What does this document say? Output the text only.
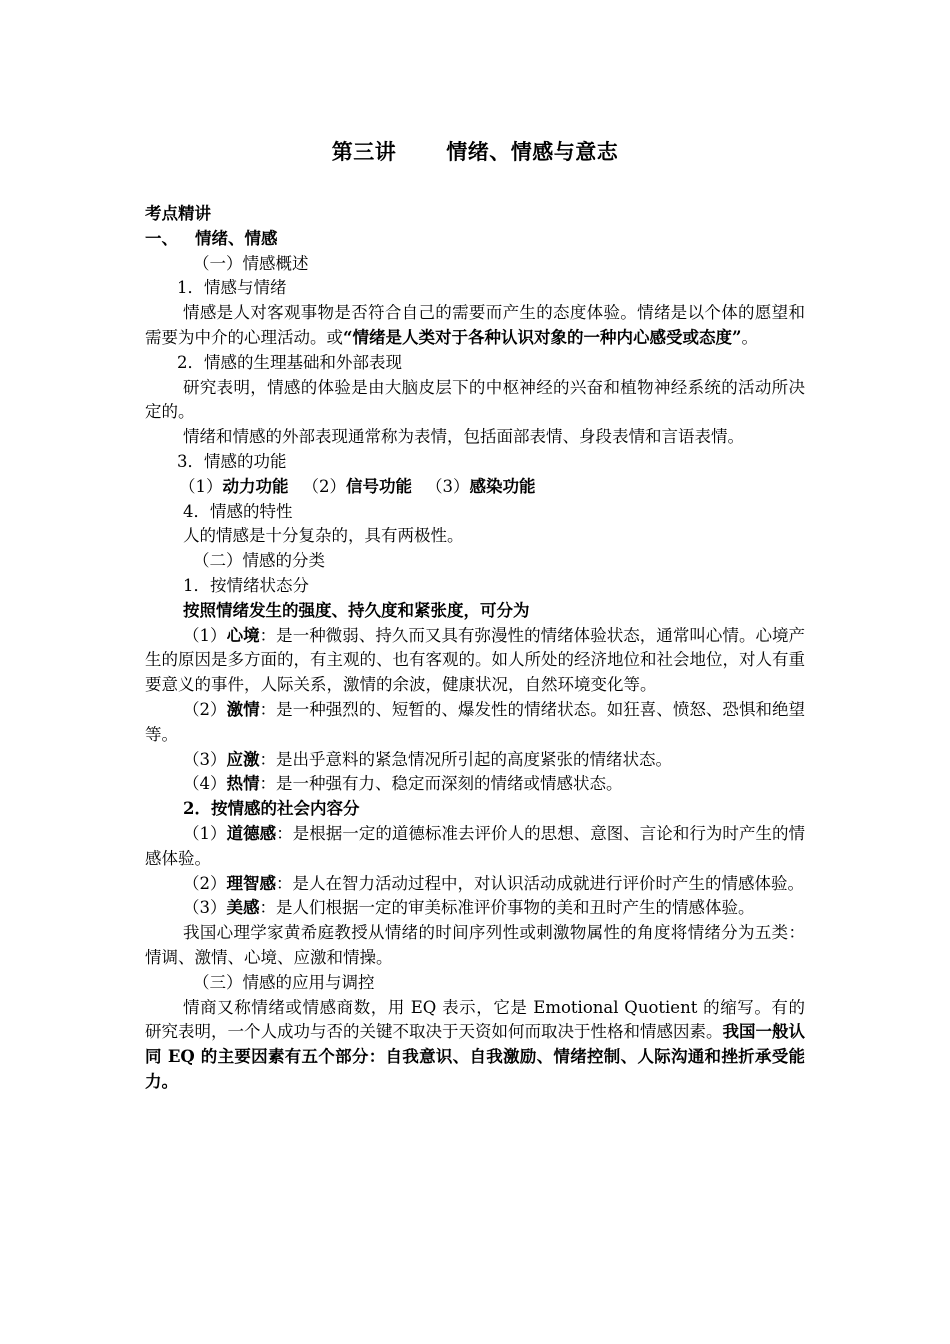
第三讲 情绪、情感与意志

考点精讲

一、 情绪、情感

（一）情感概述

1．情感与情绪

情感是人对客观事物是否符合自己的需要而产生的态度体验。情绪是以个体的愿望和需要为中介的心理活动。或“情绪是人类对于各种认识对象的一种内心感受或态度”。

2．情感的生理基础和外部表现

研究表明，情感的体验是由大脑皮层下的中枢神经的兴奋和植物神经系统的活动所决定的。

情绪和情感的外部表现通常称为表情，包括面部表情、身段表情和言语表情。

3．情感的功能

（1）动力功能 （2）信号功能 （3）感染功能

4．情感的特性

人的情感是十分复杂的，具有两极性。

（二）情感的分类

1．按情绪状态分

按照情绪发生的强度、持久度和紧张度，可分为

（1）心境：是一种微弱、持久而又具有弥漫性的情绪体验状态，通常叫心情。心境产生的原因是多方面的，有主观的、也有客观的。如人所处的经济地位和社会地位，对人有重要意义的事件，人际关系，激情的余波，健康状况，自然环境变化等。

（2）激情：是一种强烈的、短暂的、爆发性的情绪状态。如狂喜、愤怒、恐惧和绝望等。

（3）应激：是出乎意料的紧急情况所引起的高度紧张的情绪状态。

（4）热情：是一种强有力、稳定而深刻的情绪或情感状态。

2．按情感的社会内容分

（1）道德感：是根据一定的道德标准去评价人的思想、意图、言论和行为时产生的情感体验。

（2）理智感：是人在智力活动过程中，对认识活动成就进行评价时产生的情感体验。

（3）美感：是人们根据一定的审美标准评价事物的美和丑时产生的情感体验。

我国心理学家黄希庭教授从情绪的时间序列性或刺激物属性的角度将情绪分为五类：情调、激情、心境、应激和情操。

（三）情感的应用与调控

情商又称情绪或情感商数，用 EQ 表示，它是 Emotional Quotient 的缩写。有的研究表明，一个人成功与否的关键不取决于天资如何而取决于性格和情感因素。我国一般认同 EQ 的主要因素有五个部分：自我意识、自我激励、情绪控制、人际沟通和挫折承受能力。
